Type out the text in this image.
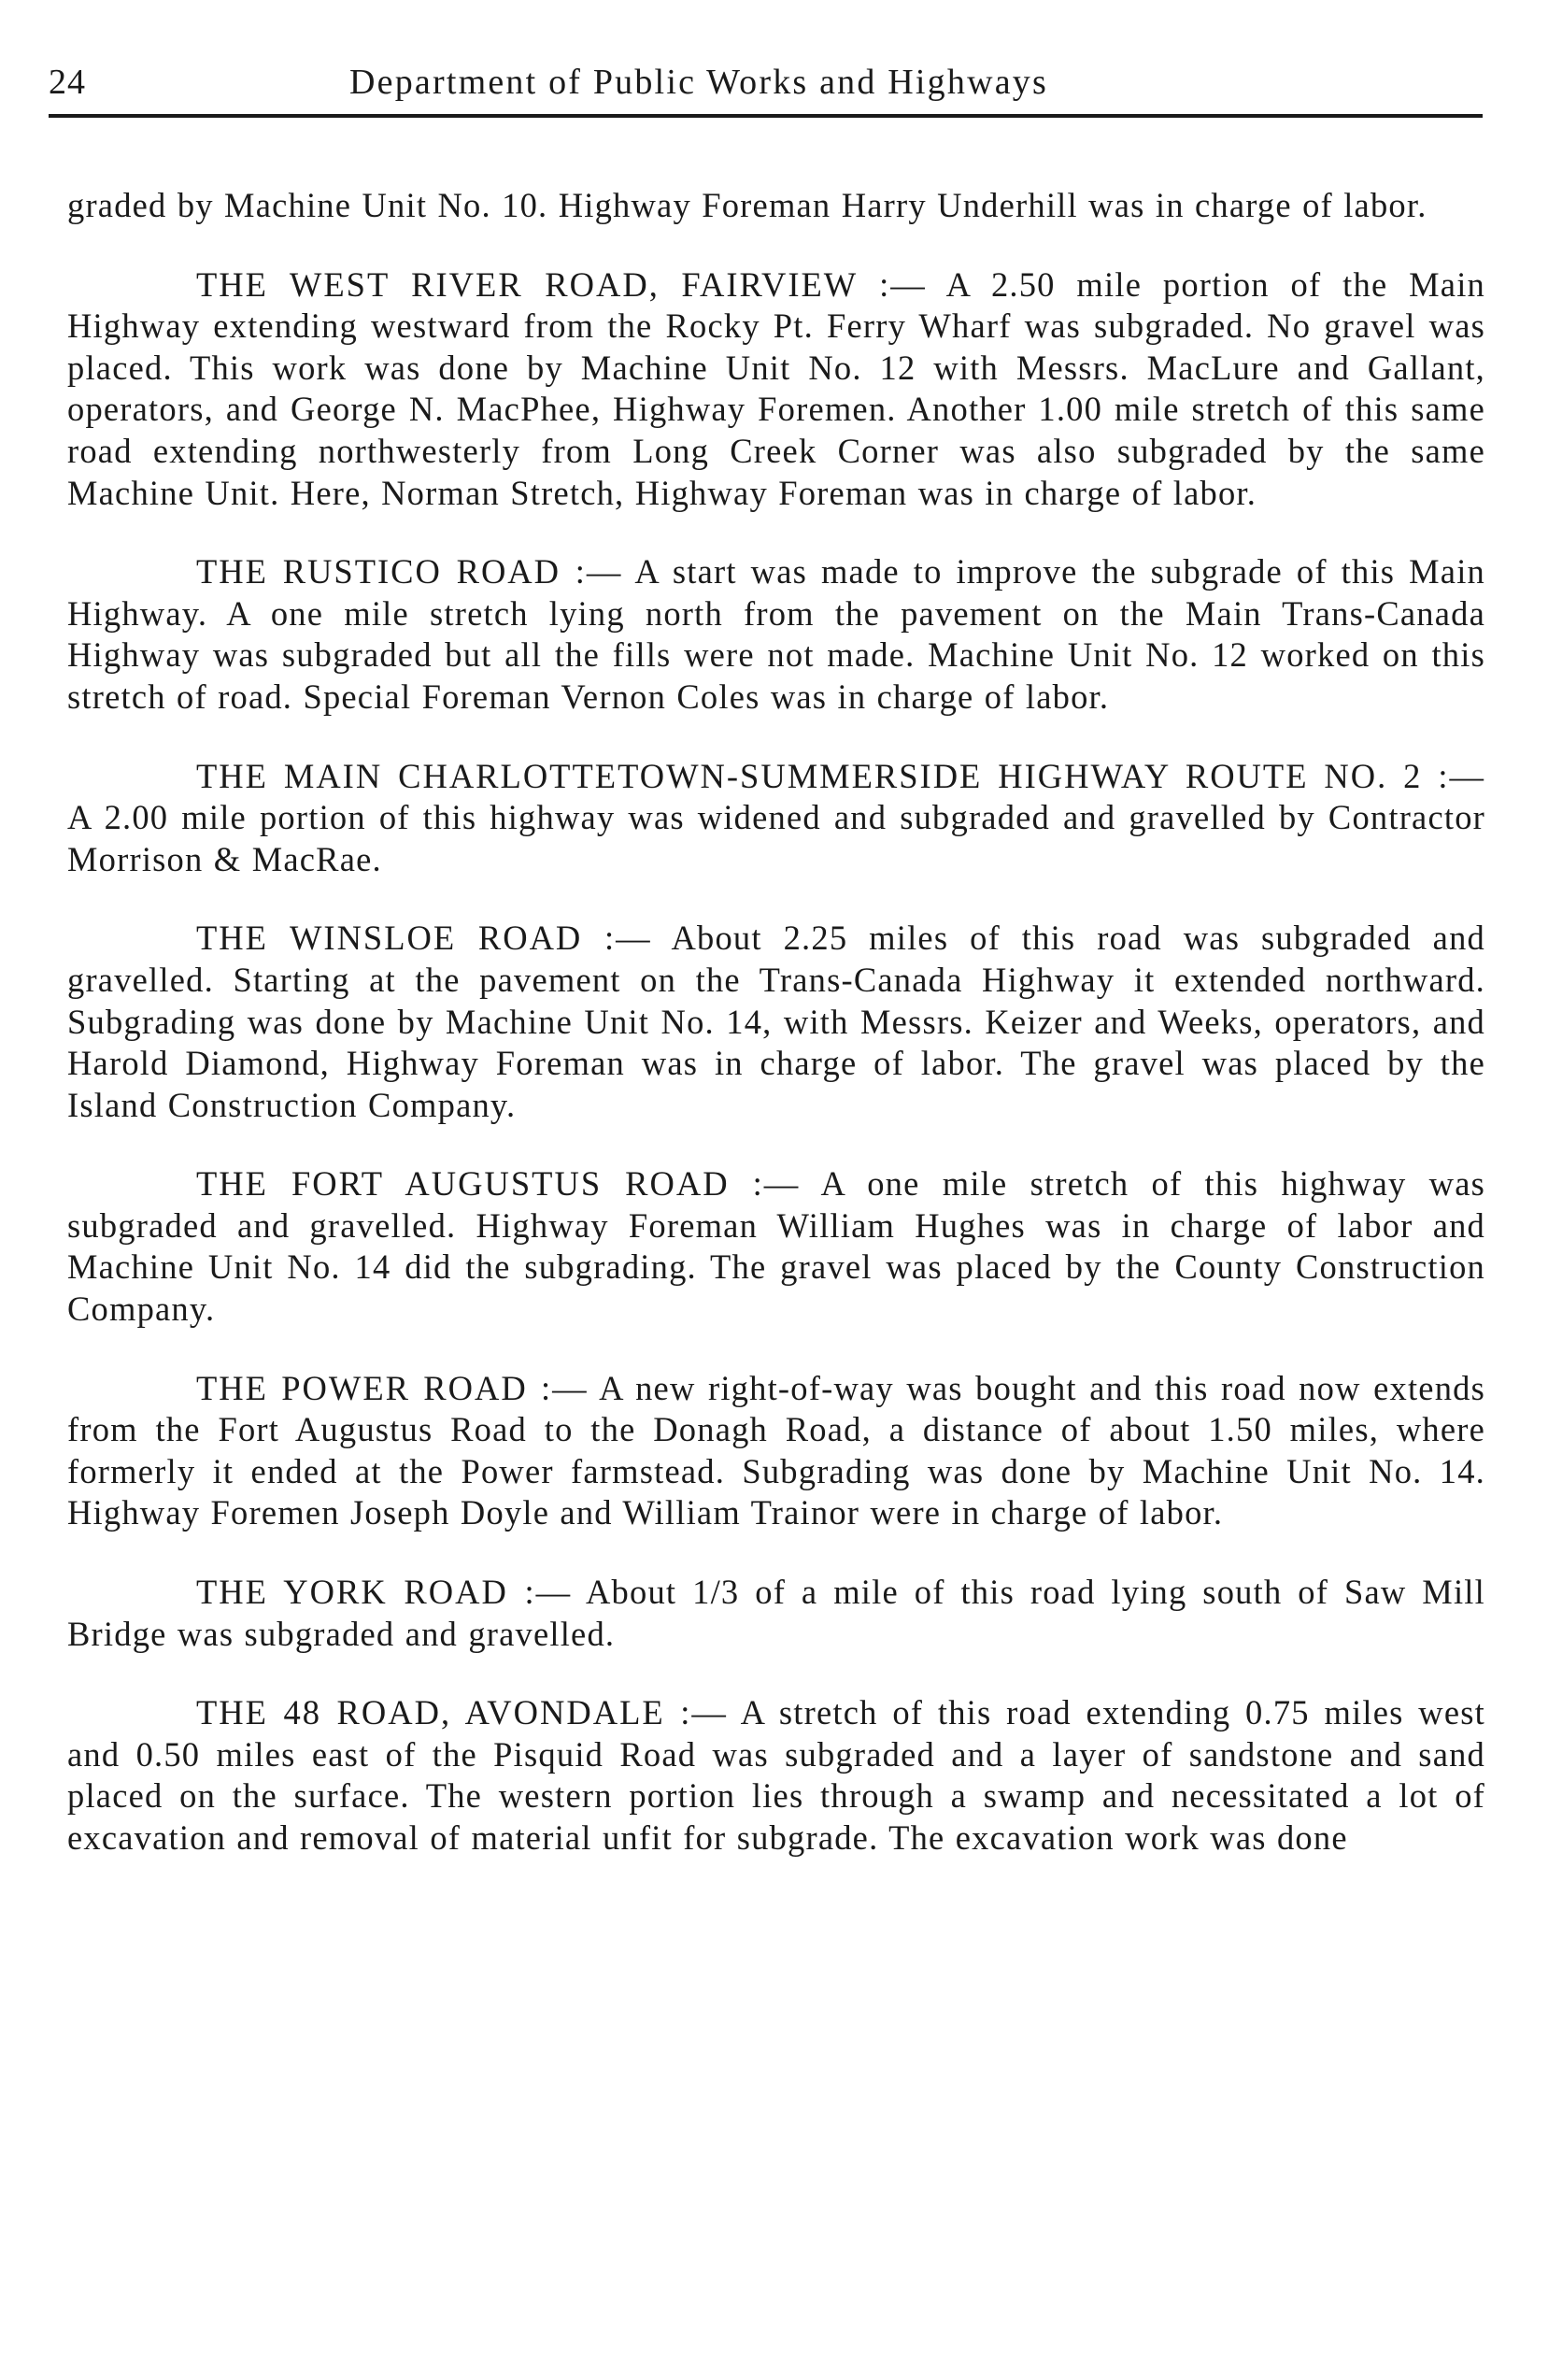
24	Department of Public Works and Highways

graded by Machine Unit No. 10. Highway Foreman Harry Underhill was in charge of labor.

THE WEST RIVER ROAD, FAIRVIEW :— A 2.50 mile portion of the Main Highway extending westward from the Rocky Pt. Ferry Wharf was subgraded. No gravel was placed. This work was done by Machine Unit No. 12 with Messrs. MacLure and Gallant, operators, and George N. MacPhee, Highway Foremen. Another 1.00 mile stretch of this same road extending northwesterly from Long Creek Corner was also subgraded by the same Machine Unit. Here, Norman Stretch, Highway Foreman was in charge of labor.

THE RUSTICO ROAD :— A start was made to improve the subgrade of this Main Highway. A one mile stretch lying north from the pavement on the Main Trans-Canada Highway was subgraded but all the fills were not made. Machine Unit No. 12 worked on this stretch of road. Special Foreman Vernon Coles was in charge of labor.

THE MAIN CHARLOTTETOWN-SUMMERSIDE HIGHWAY ROUTE NO. 2 :— A 2.00 mile portion of this highway was widened and subgraded and gravelled by Contractor Morrison & MacRae.

THE WINSLOE ROAD :— About 2.25 miles of this road was subgraded and gravelled. Starting at the pavement on the Trans-Canada Highway it extended northward. Subgrading was done by Machine Unit No. 14, with Messrs. Keizer and Weeks, operators, and Harold Diamond, Highway Foreman was in charge of labor. The gravel was placed by the Island Construction Company.

THE FORT AUGUSTUS ROAD :— A one mile stretch of this highway was subgraded and gravelled. Highway Foreman William Hughes was in charge of labor and Machine Unit No. 14 did the subgrading. The gravel was placed by the County Construction Company.

THE POWER ROAD :— A new right-of-way was bought and this road now extends from the Fort Augustus Road to the Donagh Road, a distance of about 1.50 miles, where formerly it ended at the Power farmstead. Subgrading was done by Machine Unit No. 14. Highway Foremen Joseph Doyle and William Trainor were in charge of labor.

THE YORK ROAD :— About 1/3 of a mile of this road lying south of Saw Mill Bridge was subgraded and gravelled.

THE 48 ROAD, AVONDALE :— A stretch of this road extending 0.75 miles west and 0.50 miles east of the Pisquid Road was subgraded and a layer of sandstone and sand placed on the surface. The western portion lies through a swamp and necessitated a lot of excavation and removal of material unfit for subgrade. The excavation work was done
